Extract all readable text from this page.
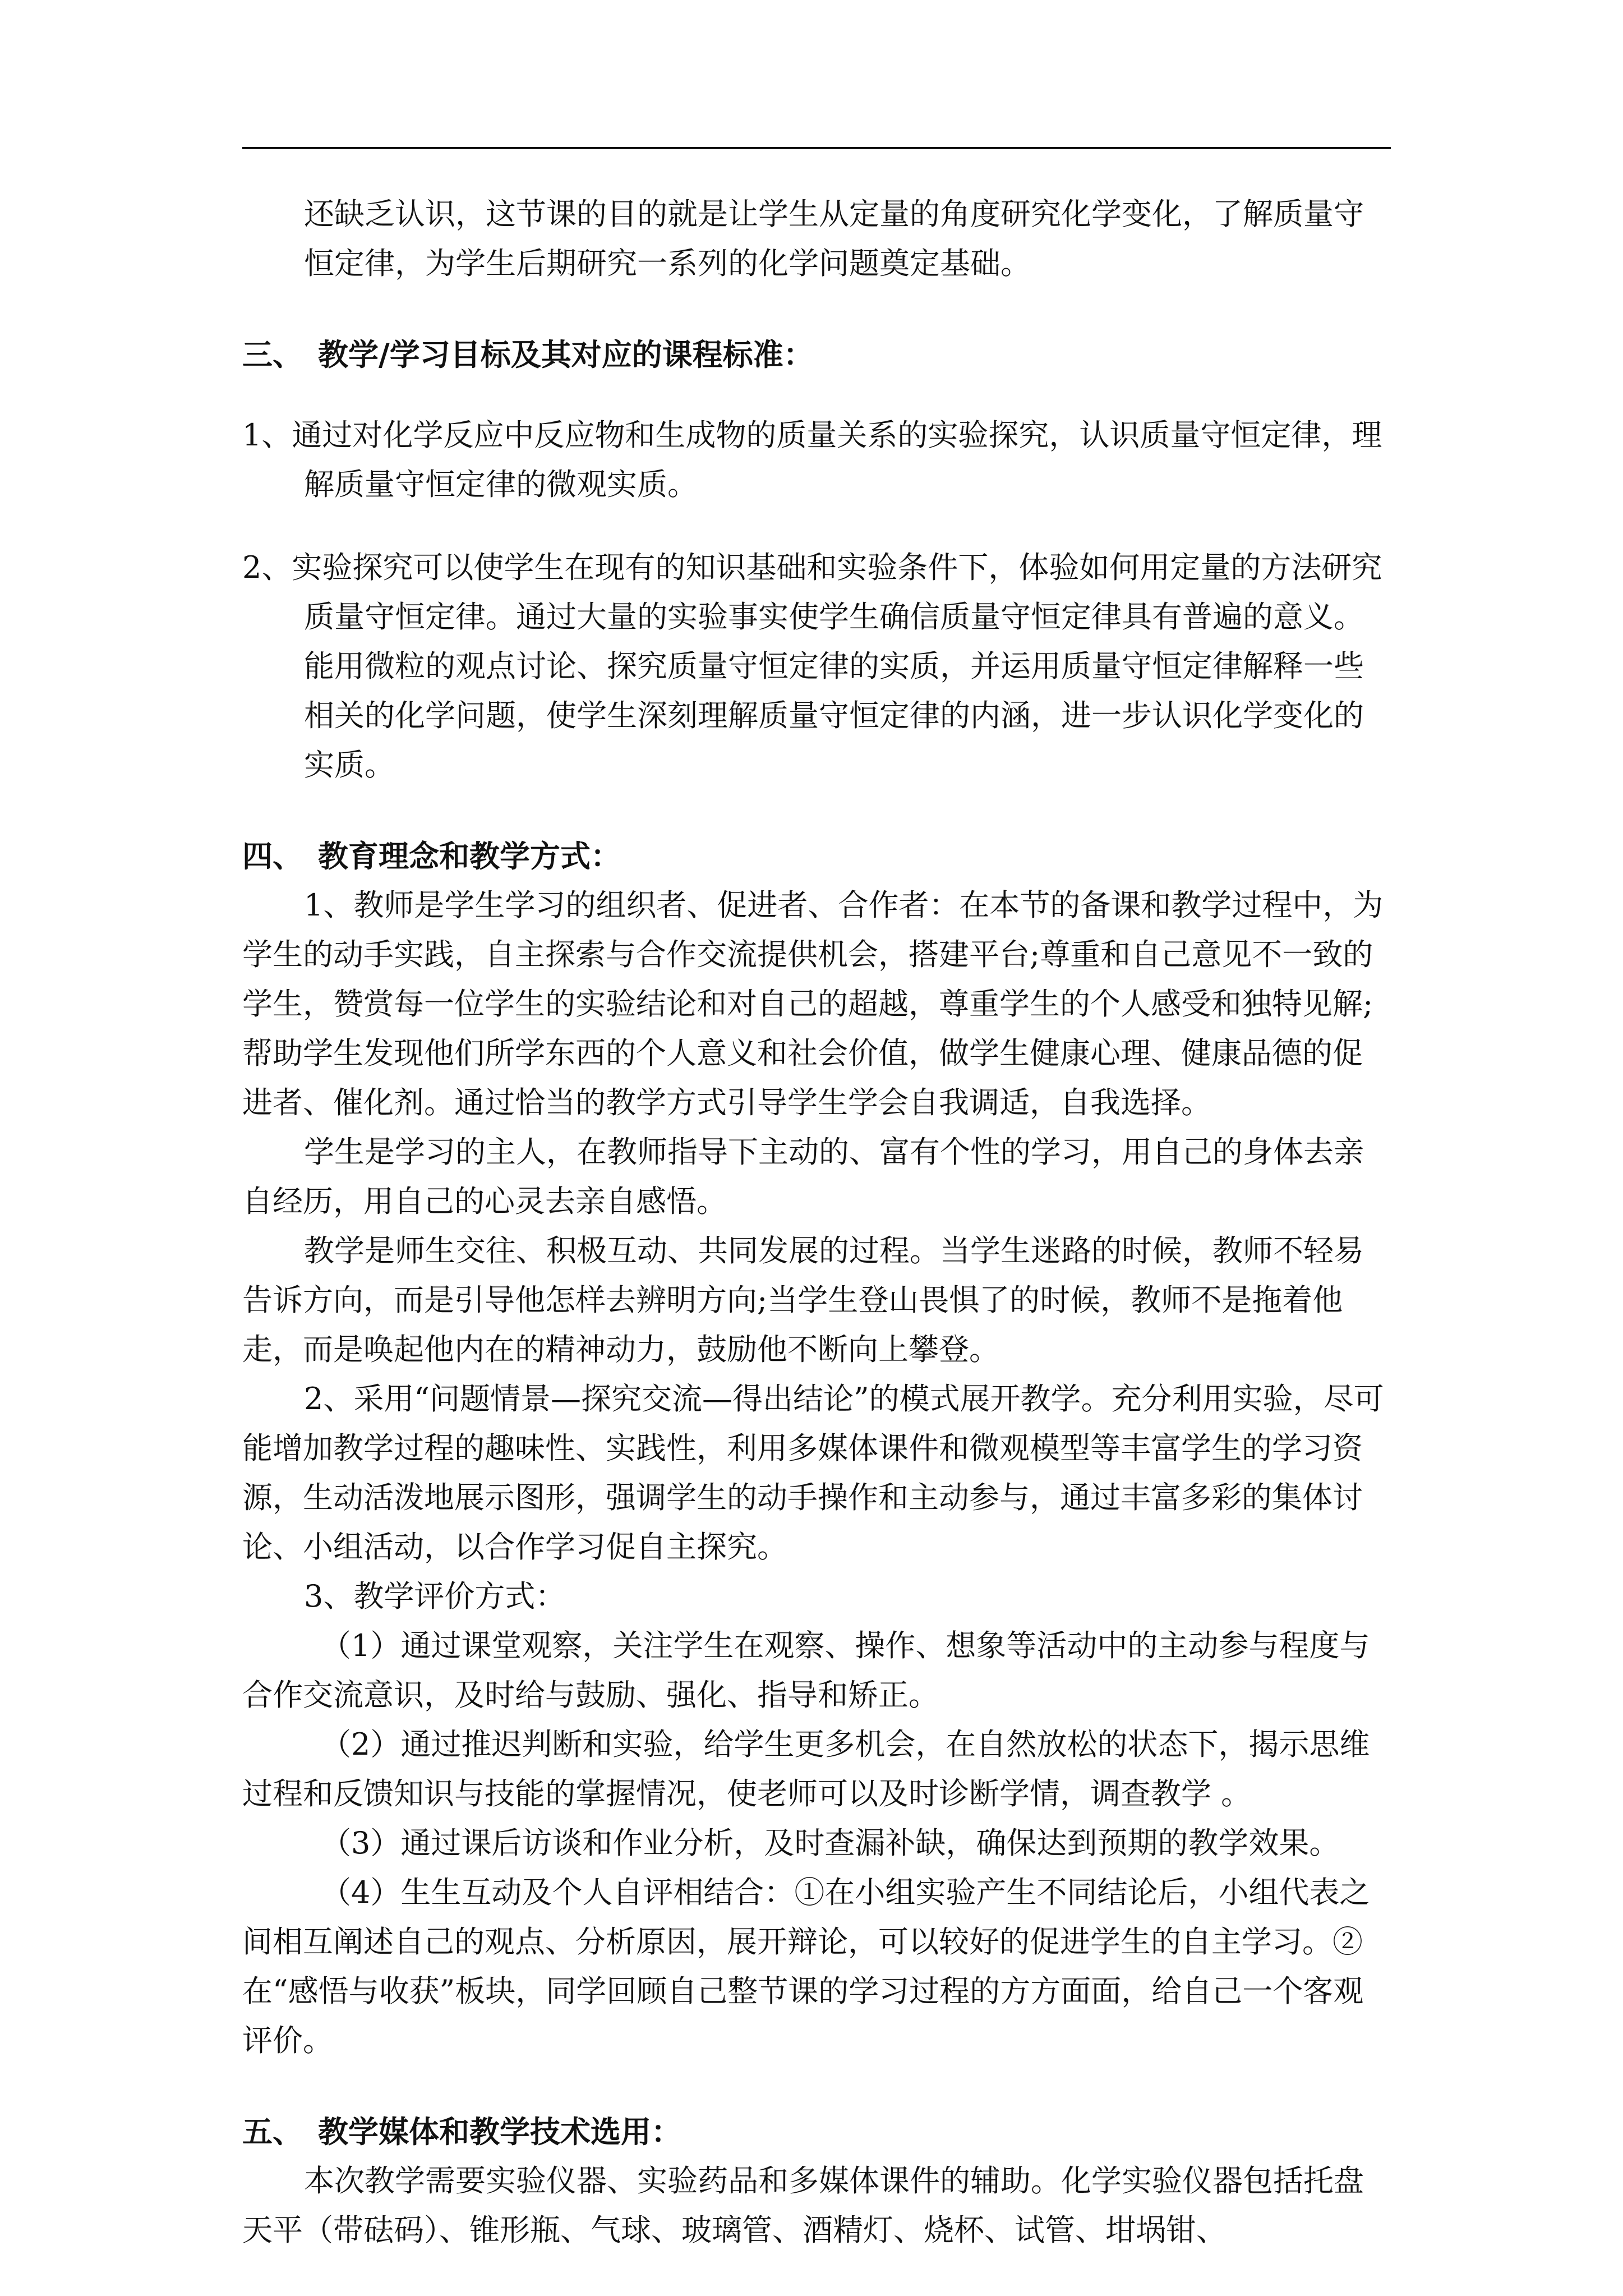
还缺乏认识，这节课的目的就是让学生从定量的角度研究化学变化，了解质量守恒定律，为学生后期研究一系列的化学问题奠定基础。

三、　教学/学习目标及其对应的课程标准：

1、通过对化学反应中反应物和生成物的质量关系的实验探究，认识质量守恒定律，理解质量守恒定律的微观实质。

2、实验探究可以使学生在现有的知识基础和实验条件下，体验如何用定量的方法研究质量守恒定律。通过大量的实验事实使学生确信质量守恒定律具有普遍的意义。能用微粒的观点讨论、探究质量守恒定律的实质，并运用质量守恒定律解释一些相关的化学问题，使学生深刻理解质量守恒定律的内涵，进一步认识化学变化的实质。

四、　教育理念和教学方式：

1、教师是学生学习的组织者、促进者、合作者：在本节的备课和教学过程中，为学生的动手实践，自主探索与合作交流提供机会，搭建平台;尊重和自己意见不一致的学生，赞赏每一位学生的实验结论和对自己的超越，尊重学生的个人感受和独特见解;帮助学生发现他们所学东西的个人意义和社会价值，做学生健康心理、健康品德的促进者、催化剂。通过恰当的教学方式引导学生学会自我调适，自我选择。

学生是学习的主人，在教师指导下主动的、富有个性的学习，用自己的身体去亲自经历，用自己的心灵去亲自感悟。

教学是师生交往、积极互动、共同发展的过程。当学生迷路的时候，教师不轻易告诉方向，而是引导他怎样去辨明方向;当学生登山畏惧了的时候，教师不是拖着他走，而是唤起他内在的精神动力，鼓励他不断向上攀登。

2、采用“问题情景—探究交流—得出结论”的模式展开教学。充分利用实验，尽可能增加教学过程的趣味性、实践性，利用多媒体课件和微观模型等丰富学生的学习资源，生动活泼地展示图形，强调学生的动手操作和主动参与，通过丰富多彩的集体讨论、小组活动，以合作学习促自主探究。

3、教学评价方式：

（1）通过课堂观察，关注学生在观察、操作、想象等活动中的主动参与程度与合作交流意识，及时给与鼓励、强化、指导和矫正。

（2）通过推迟判断和实验，给学生更多机会，在自然放松的状态下，揭示思维过程和反馈知识与技能的掌握情况，使老师可以及时诊断学情，调查教学 。

（3）通过课后访谈和作业分析，及时查漏补缺，确保达到预期的教学效果。

（4）生生互动及个人自评相结合：①在小组实验产生不同结论后，小组代表之间相互阐述自己的观点、分析原因，展开辩论，可以较好的促进学生的自主学习。②在“感悟与收获”板块，同学回顾自己整节课的学习过程的方方面面，给自己一个客观评价。

五、　教学媒体和教学技术选用：

本次教学需要实验仪器、实验药品和多媒体课件的辅助。化学实验仪器包括托盘天平（带砝码）、锥形瓶、气球、玻璃管、酒精灯、烧杯、试管、坩埚钳、
